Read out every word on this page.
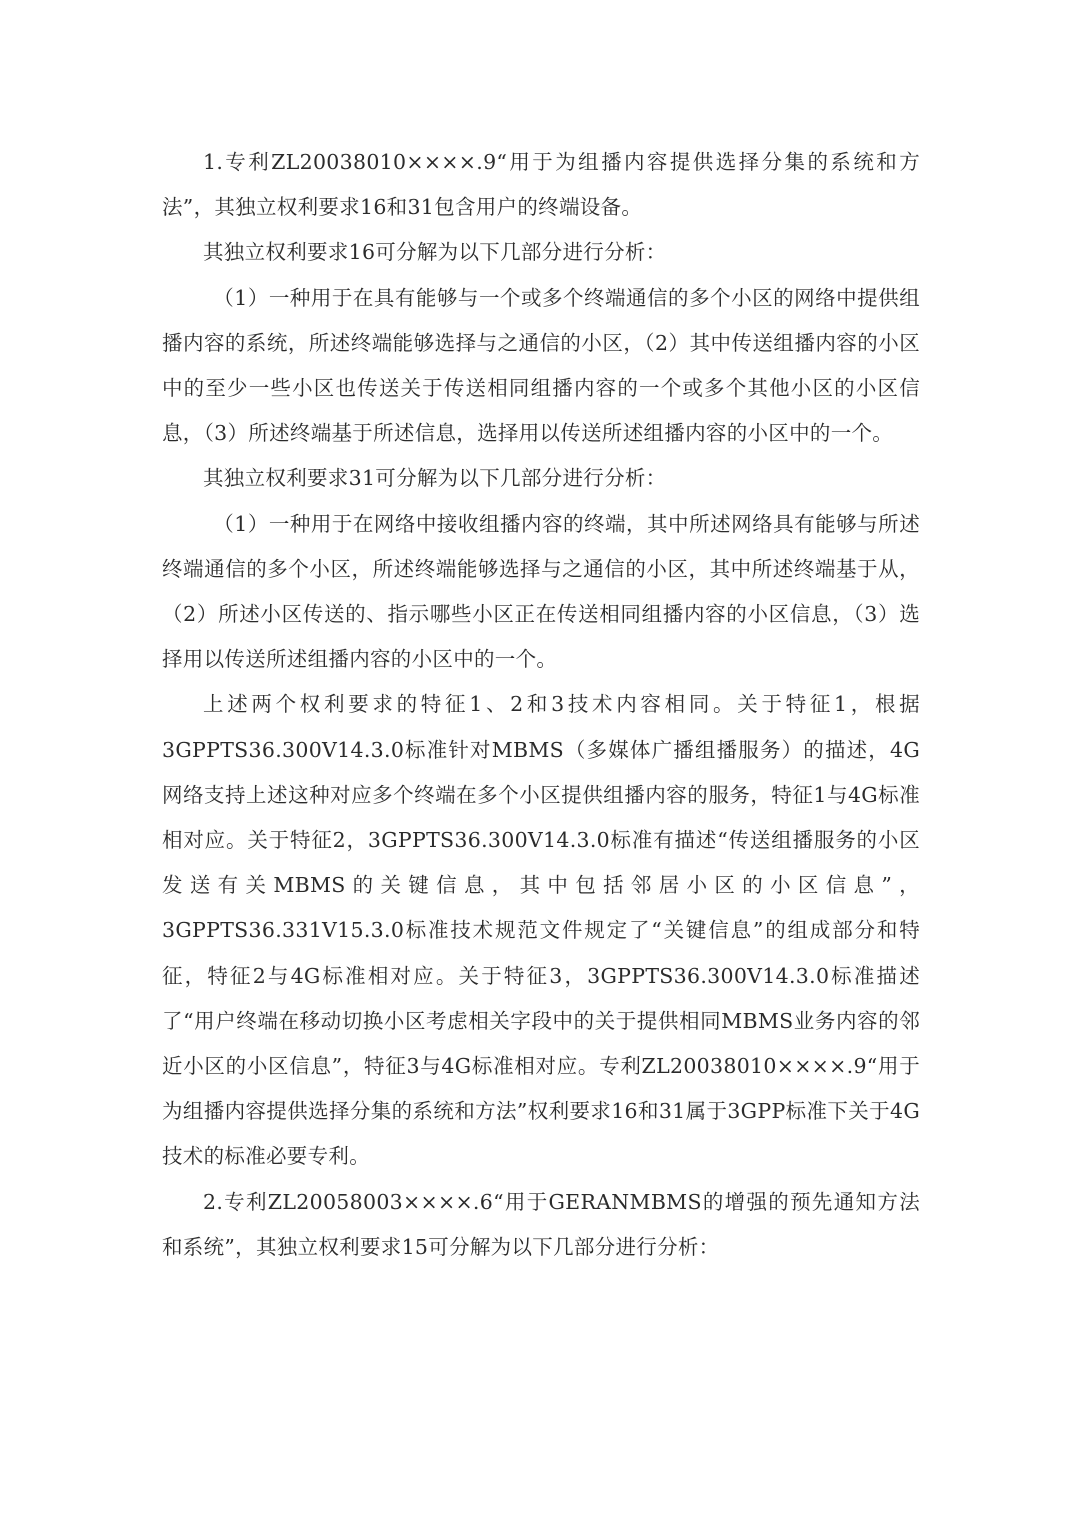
1.专利ZL20038010××××.9“用于为组播内容提供选择分集的系统和方法”，其独立权利要求16和31包含用户的终端设备。

其独立权利要求16可分解为以下几部分进行分析：

（1）一种用于在具有能够与一个或多个终端通信的多个小区的网络中提供组播内容的系统，所述终端能够选择与之通信的小区，（2）其中传送组播内容的小区中的至少一些小区也传送关于传送相同组播内容的一个或多个其他小区的小区信息，（3）所述终端基于所述信息，选择用以传送所述组播内容的小区中的一个。

其独立权利要求31可分解为以下几部分进行分析：

（1）一种用于在网络中接收组播内容的终端，其中所述网络具有能够与所述终端通信的多个小区，所述终端能够选择与之通信的小区，其中所述终端基于从，（2）所述小区传送的、指示哪些小区正在传送相同组播内容的小区信息，（3）选择用以传送所述组播内容的小区中的一个。

上述两个权利要求的特征1、2和3技术内容相同。关于特征1，根据3GPPTS36.300V14.3.0标准针对MBMS（多媒体广播组播服务）的描述，4G网络支持上述这种对应多个终端在多个小区提供组播内容的服务，特征1与4G标准相对应。关于特征2，3GPPTS36.300V14.3.0标准有描述“传送组播服务的小区发送有关MBMS的关键信息，其中包括邻居小区的小区信息”，3GPPTS36.331V15.3.0标准技术规范文件规定了“关键信息”的组成部分和特征，特征2与4G标准相对应。关于特征3，3GPPTS36.300V14.3.0标准描述了“用户终端在移动切换小区考虑相关字段中的关于提供相同MBMS业务内容的邻近小区的小区信息”，特征3与4G标准相对应。专利ZL20038010××××.9“用于为组播内容提供选择分集的系统和方法”权利要求16和31属于3GPP标准下关于4G技术的标准必要专利。

2.专利ZL20058003××××.6“用于GERANMBMS的增强的预先通知方法和系统”，其独立权利要求15可分解为以下几部分进行分析：
